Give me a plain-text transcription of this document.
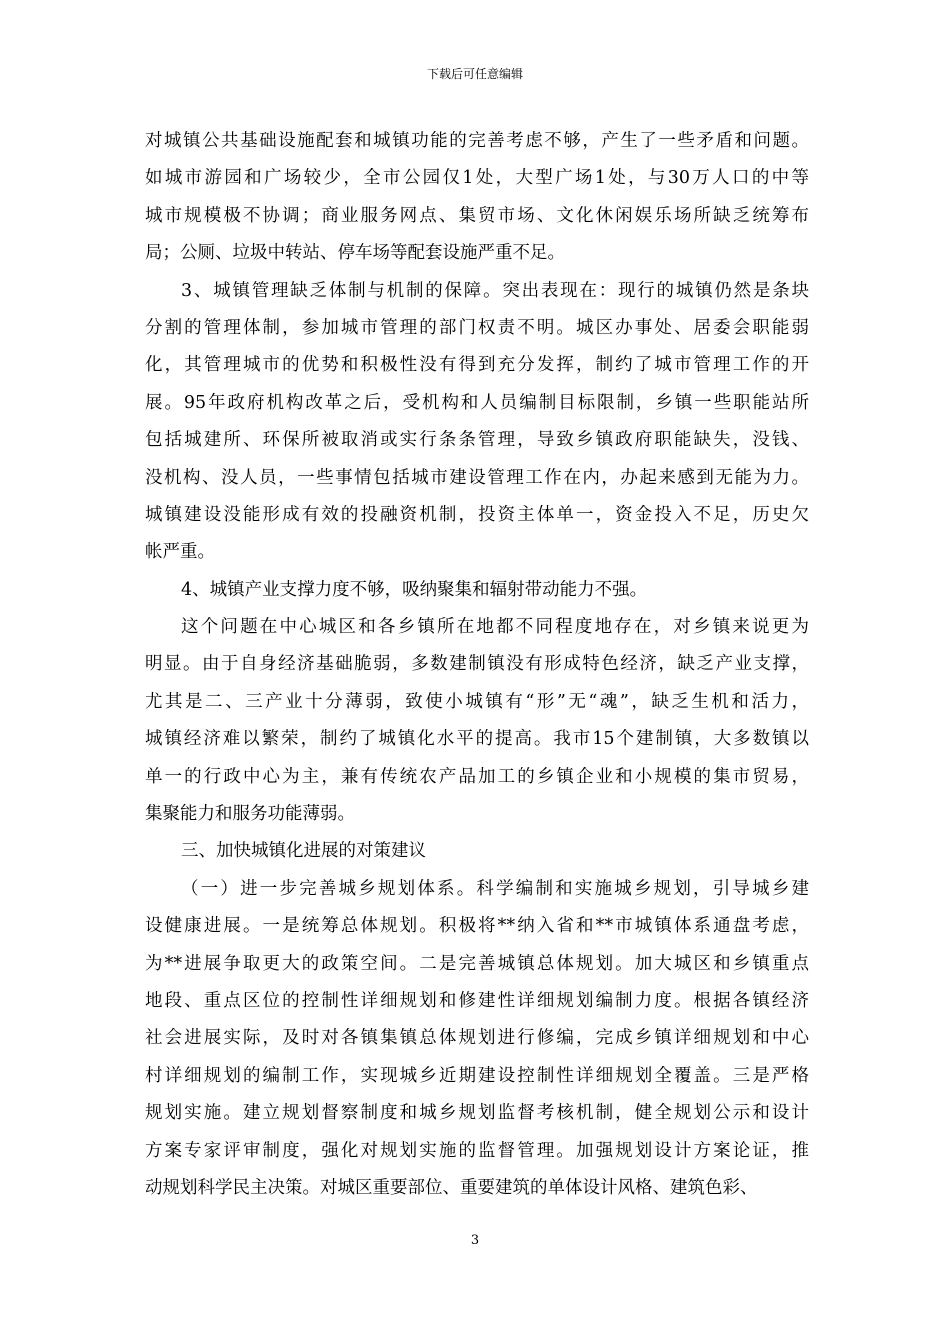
下载后可任意编辑
对城镇公共基础设施配套和城镇功能的完善考虑不够，产生了一些矛盾和问题。
如城市游园和广场较少，全市公园仅1处，大型广场1处，与30万人口的中等
城市规模极不协调；商业服务网点、集贸市场、文化休闲娱乐场所缺乏统筹布
局；公厕、垃圾中转站、停车场等配套设施严重不足。
3、城镇管理缺乏体制与机制的保障。突出表现在：现行的城镇仍然是条块
分割的管理体制，参加城市管理的部门权责不明。城区办事处、居委会职能弱
化，其管理城市的优势和积极性没有得到充分发挥，制约了城市管理工作的开
展。95年政府机构改革之后，受机构和人员编制目标限制，乡镇一些职能站所
包括城建所、环保所被取消或实行条条管理，导致乡镇政府职能缺失，没钱、
没机构、没人员，一些事情包括城市建设管理工作在内，办起来感到无能为力。
城镇建设没能形成有效的投融资机制，投资主体单一，资金投入不足，历史欠
帐严重。
4、城镇产业支撑力度不够，吸纳聚集和辐射带动能力不强。
这个问题在中心城区和各乡镇所在地都不同程度地存在，对乡镇来说更为
明显。由于自身经济基础脆弱，多数建制镇没有形成特色经济，缺乏产业支撑，
尤其是二、三产业十分薄弱，致使小城镇有“形”无“魂”，缺乏生机和活力，
城镇经济难以繁荣，制约了城镇化水平的提高。我市15个建制镇，大多数镇以
单一的行政中心为主，兼有传统农产品加工的乡镇企业和小规模的集市贸易，
集聚能力和服务功能薄弱。
三、加快城镇化进展的对策建议
（一）进一步完善城乡规划体系。科学编制和实施城乡规划，引导城乡建
设健康进展。一是统筹总体规划。积极将**纳入省和**市城镇体系通盘考虑，
为**进展争取更大的政策空间。二是完善城镇总体规划。加大城区和乡镇重点
地段、重点区位的控制性详细规划和修建性详细规划编制力度。根据各镇经济
社会进展实际，及时对各镇集镇总体规划进行修编，完成乡镇详细规划和中心
村详细规划的编制工作，实现城乡近期建设控制性详细规划全覆盖。三是严格
规划实施。建立规划督察制度和城乡规划监督考核机制，健全规划公示和设计
方案专家评审制度，强化对规划实施的监督管理。加强规划设计方案论证，推
动规划科学民主决策。对城区重要部位、重要建筑的单体设计风格、建筑色彩、
3
